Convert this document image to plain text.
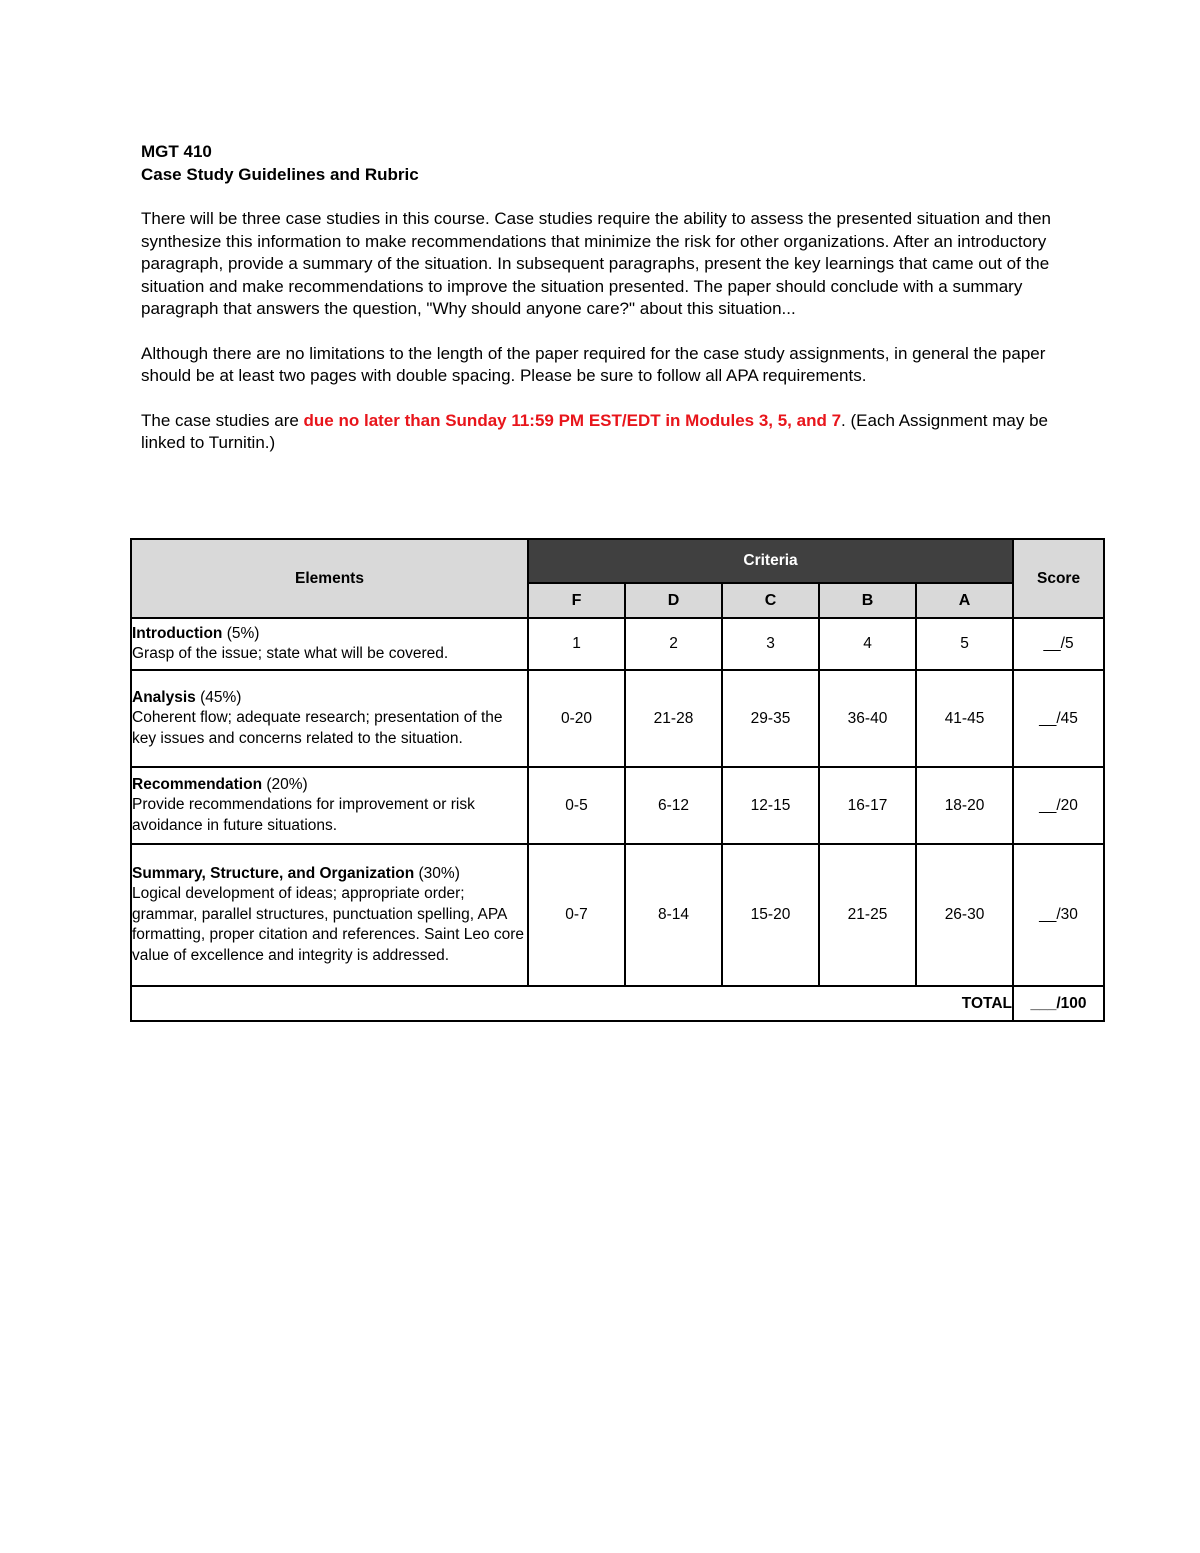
MGT 410

Case Study Guidelines and Rubric

There will be three case studies in this course. Case studies require the ability to assess the presented situation and then synthesize this information to make recommendations that minimize the risk for other organizations. After an introductory paragraph, provide a summary of the situation. In subsequent paragraphs, present the key learnings that came out of the situation and make recommendations to improve the situation presented. The paper should conclude with a summary paragraph that answers the question, "Why should anyone care?" about this situation...

Although there are no limitations to the length of the paper required for the case study assignments, in general the paper should be at least two pages with double spacing. Please be sure to follow all APA requirements.

The case studies are due no later than Sunday 11:59 PM EST/EDT in Modules 3, 5, and 7. (Each Assignment may be linked to Turnitin.)

Elements	Criteria					Score
	F	D	C	B	A	

Introduction (5%)
Grasp of the issue; state what will be covered.	1	2	3	4	5	__/5

Analysis (45%)
Coherent flow; adequate research; presentation of the key issues and concerns related to the situation.	0-20	21-28	29-35	36-40	41-45	__/45

Recommendation (20%)
Provide recommendations for improvement or risk avoidance in future situations.	0-5	6-12	12-15	16-17	18-20	__/20

Summary, Structure, and Organization (30%)
Logical development of ideas; appropriate order; grammar, parallel structures, punctuation spelling, APA formatting, proper citation and references. Saint Leo core value of excellence and integrity is addressed.	0-7	8-14	15-20	21-25	26-30	__/30
TOTAL						___/100
